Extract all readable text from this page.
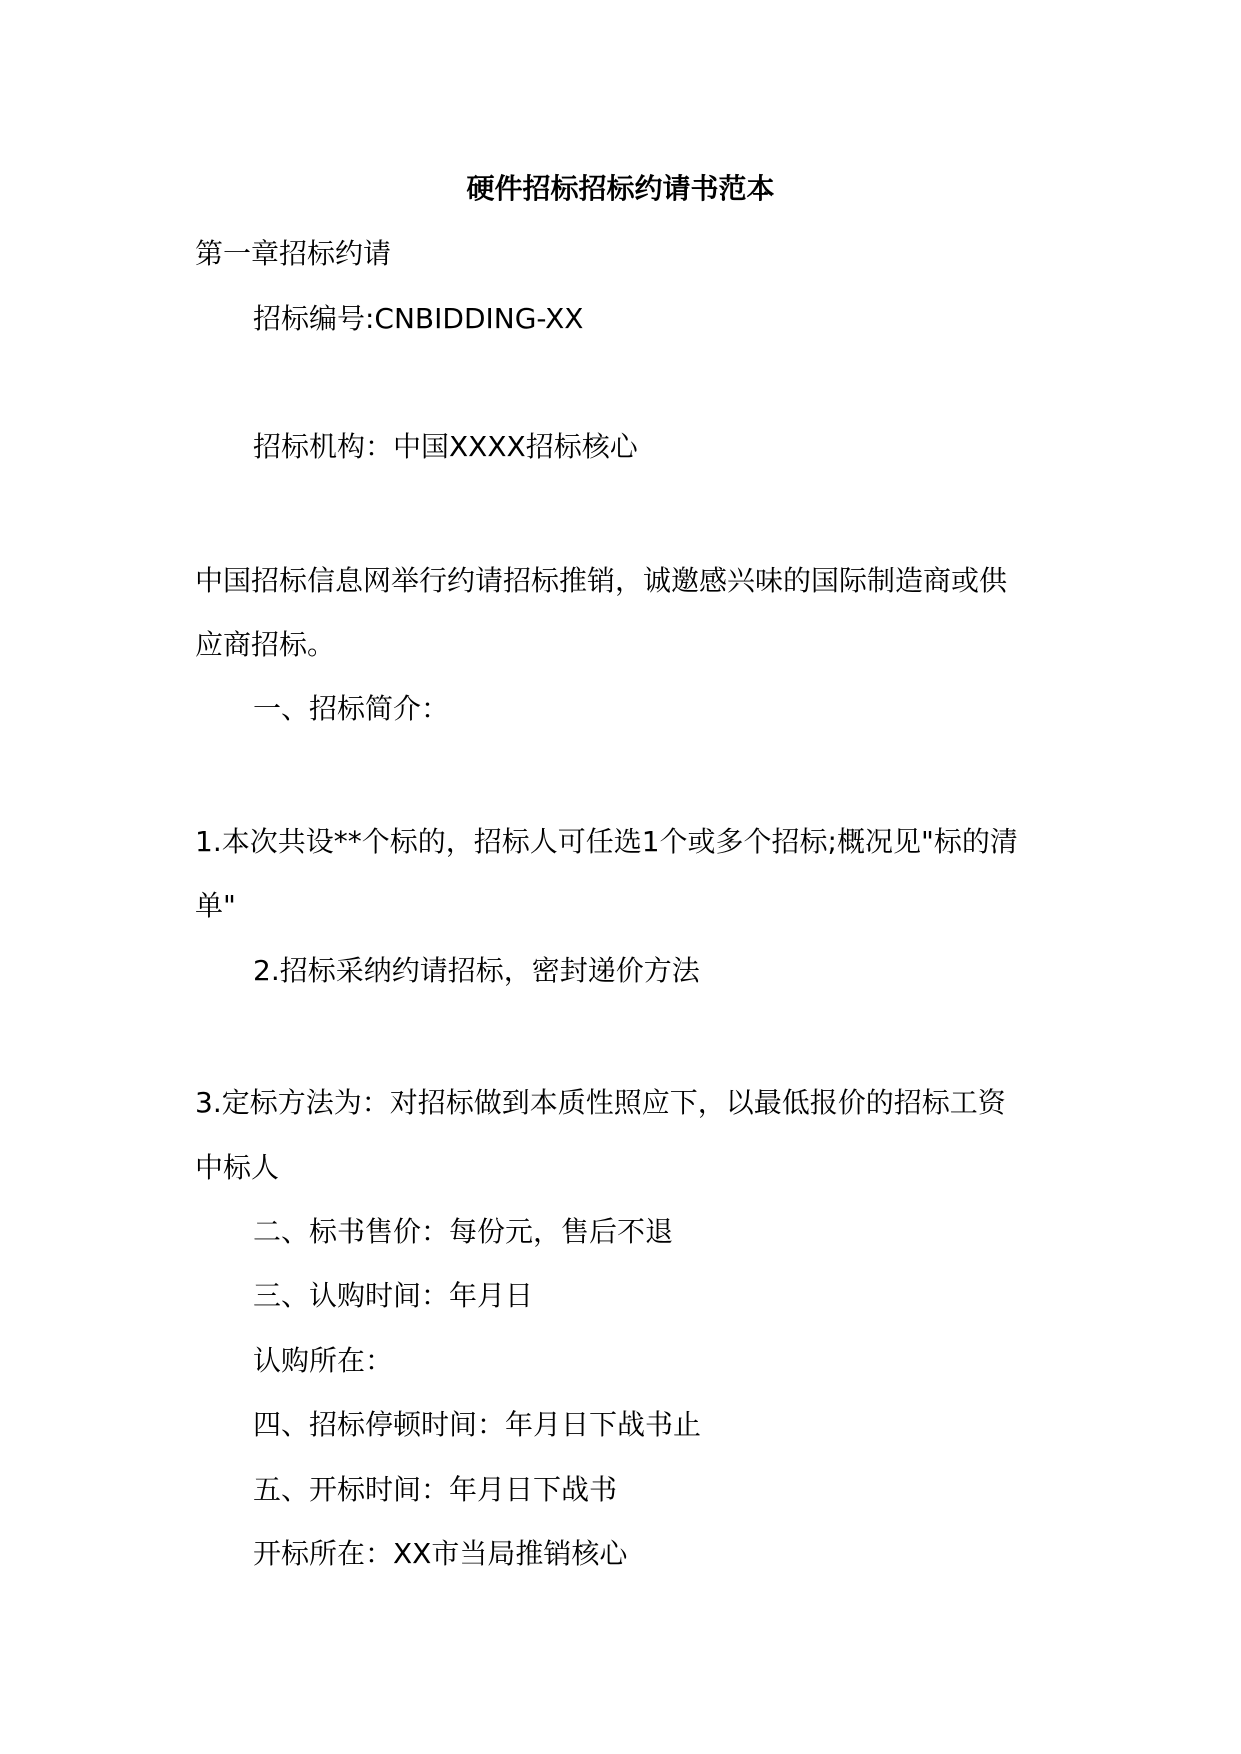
硬件招标招标约请书范本
第一章招标约请
招标编号:CNBIDDING-XX
招标机构：中国XXXX招标核心
中国招标信息网举行约请招标推销，诚邀感兴味的国际制造商或供
应商招标。
一、招标简介：
1.本次共设**个标的，招标人可任选1个或多个招标;概况见"标的清
单"
2.招标采纳约请招标，密封递价方法
3.定标方法为：对招标做到本质性照应下，以最低报价的招标工资
中标人
二、标书售价：每份元，售后不退
三、认购时间：年月日
认购所在：
四、招标停顿时间：年月日下战书止
五、开标时间：年月日下战书
开标所在：XX市当局推销核心
